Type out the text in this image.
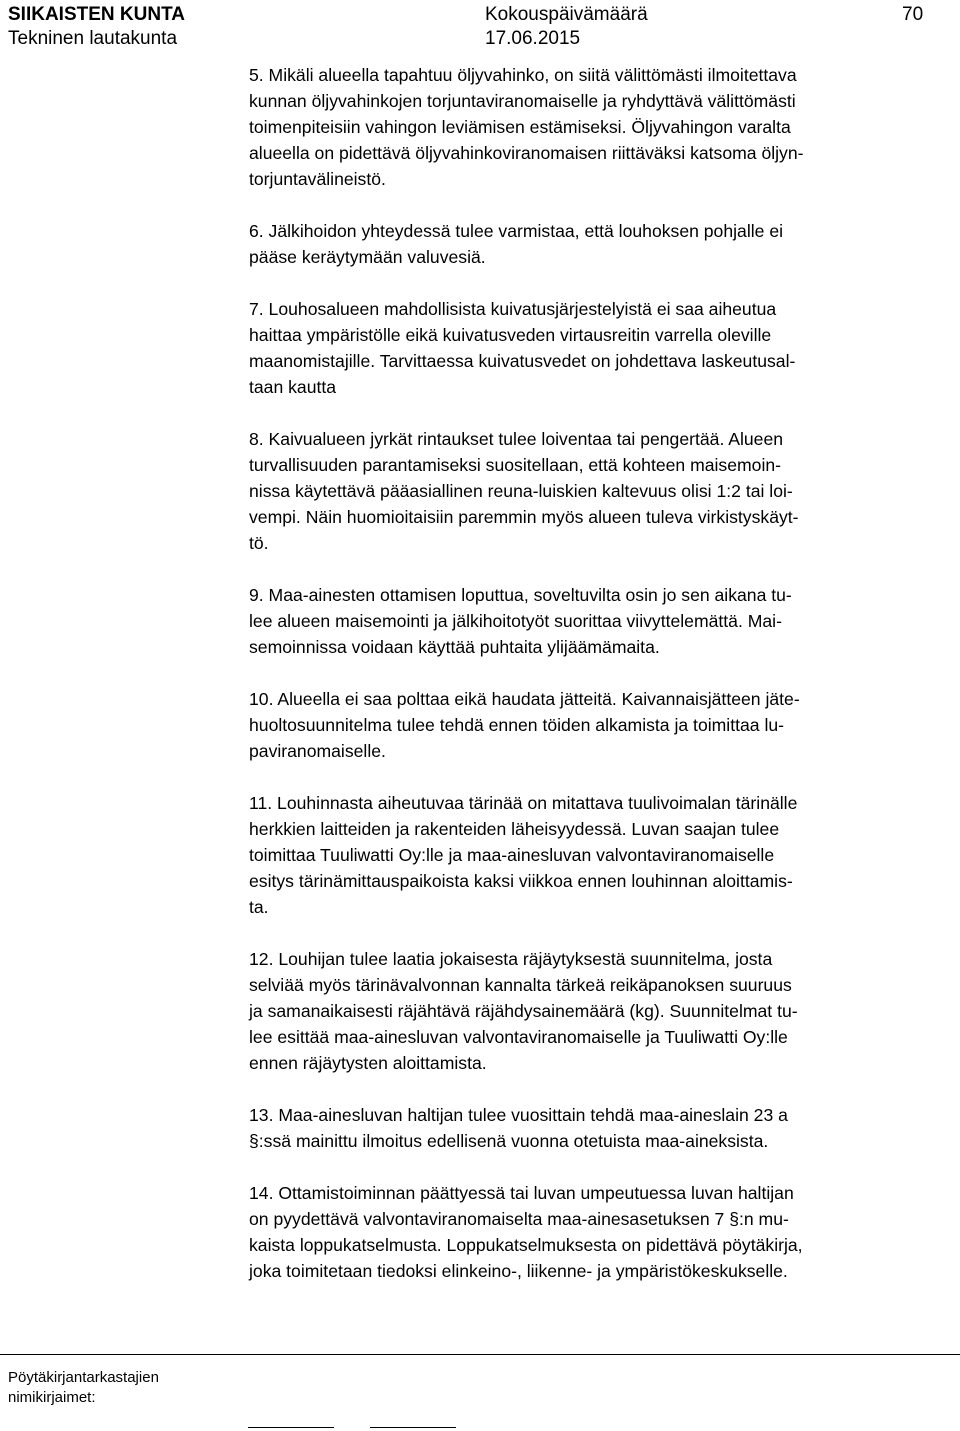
SIIKAISTEN KUNTA
Tekninen lautakunta
Kokouspäivämäärä
17.06.2015
70

5. Mikäli alueella tapahtuu öljyvahinko, on siitä välittömästi ilmoitettava
kunnan öljyvahinkojen torjuntaviranomaiselle ja ryhdyttävä välittömästi
toimenpiteisiin vahingon leviämisen estämiseksi. Öljyvahingon varalta
alueella on pidettävä öljyvahinkoviranomaisen riittäväksi katsoma öljyn-
torjuntavälineistö.

6. Jälkihoidon yhteydessä tulee varmistaa, että louhoksen pohjalle ei
pääse keräytymään valuvesiä.

7. Louhosalueen mahdollisista kuivatusjärjestelyistä ei saa aiheutua
haittaa ympäristölle eikä kuivatusveden virtausreitin varrella oleville
maanomistajille. Tarvittaessa kuivatusvedet on johdettava laskeutusal-
taan kautta

8. Kaivualueen jyrkät rintaukset tulee loiventaa tai pengertää. Alueen
turvallisuuden parantamiseksi suositellaan, että kohteen maisemoin-
nissa käytettävä pääasiallinen reuna-luiskien kaltevuus olisi 1:2 tai loi-
vempi. Näin huomioitaisiin paremmin myös alueen tuleva virkistyskäyt-
tö.

9. Maa-ainesten ottamisen loputtua, soveltuvilta osin jo sen aikana tu-
lee alueen maisemointi ja jälkihoitotyöt suorittaa viivyttelemättä. Mai-
semoinnissa voidaan käyttää puhtaita ylijäämämaita.

10. Alueella ei saa polttaa eikä haudata jätteitä. Kaivannaisjätteen jäte-
huoltosuunnitelma tulee tehdä ennen töiden alkamista ja toimittaa lu-
paviranomaiselle.

11. Louhinnasta aiheutuvaa tärinää on mitattava tuulivoimalan tärinälle
herkkien laitteiden ja rakenteiden läheisyydessä. Luvan saajan tulee
toimittaa Tuuliwatti Oy:lle ja maa-ainesluvan valvontaviranomaiselle
esitys tärinämittauspaikoista kaksi viikkoa ennen louhinnan aloittamis-
ta.

12. Louhijan tulee laatia jokaisesta räjäytyksestä suunnitelma, josta
selviää myös tärinävalvonnan kannalta tärkeä reikäpanoksen suuruus
ja samanaikaisesti räjähtävä räjähdysainemäärä (kg). Suunnitelmat tu-
lee esittää maa-ainesluvan valvontaviranomaiselle ja Tuuliwatti Oy:lle
ennen räjäytysten aloittamista.

13. Maa-ainesluvan haltijan tulee vuosittain tehdä maa-aineslain 23 a
§:ssä mainittu ilmoitus edellisenä vuonna otetuista maa-aineksista.

14. Ottamistoiminnan päättyessä tai luvan umpeutuessa luvan haltijan
on pyydettävä valvontaviranomaiselta maa-ainesasetuksen 7 §:n mu-
kaista loppukatselmusta. Loppukatselmuksesta on pidettävä pöytäkirja,
joka toimitetaan tiedoksi elinkeino-, liikenne- ja ympäristökeskukselle.

Pöytäkirjantarkastajien
nimikirjaimet:
